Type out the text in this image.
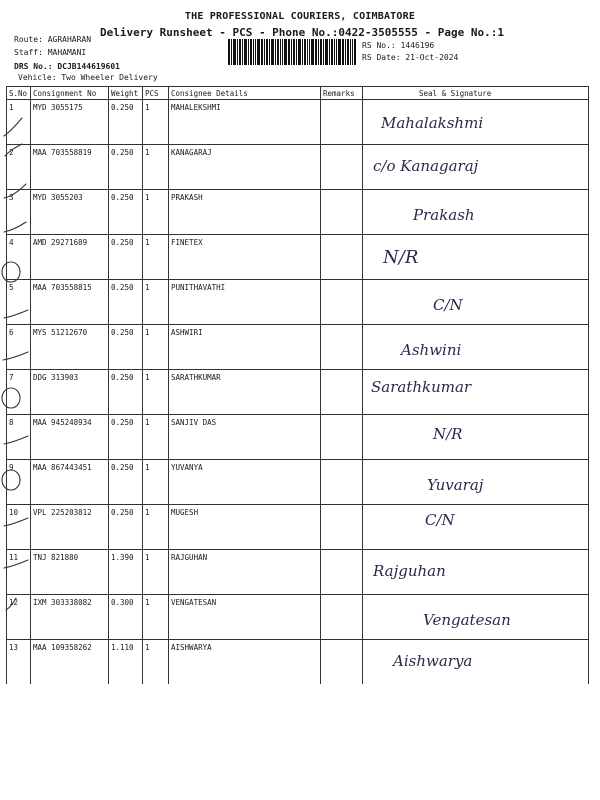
THE PROFESSIONAL COURIERS, COIMBATORE
Delivery Runsheet - PCS - Phone No.:0422-3505555 - Page No.:1
Route: AGRAHARAN
Staff: MAHAMANI
DRS No.: DCJB144619601
Vehicle: Two Wheeler Delivery
RS No.: 1446196
RS Date: 21-Oct-2024
S.No	Consignment No	Weight	PCS	Consignee Details	Remarks	Seal & Signature
1	MYD 3055175	0.250	1	MAHALEKSHMI		Mahalakshmi

2	MAA 703558819	0.250	1	KANAGARAJ		c/o Kanagaraj

3	MYD 3055203	0.250	1	PRAKASH		Prakash

4	AMD 29271689	0.250	1	FINETEX		N/R

5	MAA 703558815	0.250	1	PUNITHAVATHI		C/N

6	MYS 51212670	0.250	1	ASHWIRI		Ashwini

7	DDG 313903	0.250	1	SARATHKUMAR		Sarathkumar

8	MAA 945248934	0.250	1	SANJIV DAS		N/R

9	MAA 867443451	0.250	1	YUVANYA		Yuvaraj

10	VPL 225203812	0.250	1	MUGESH		C/N

11	TNJ 821880	1.390	1	RAJGUHAN		Rajguhan

12	IXM 303338082	0.300	1	VENGATESAN		Vengatesan

13	MAA 109358262	1.110	1	AISHWARYA		Aishwarya
